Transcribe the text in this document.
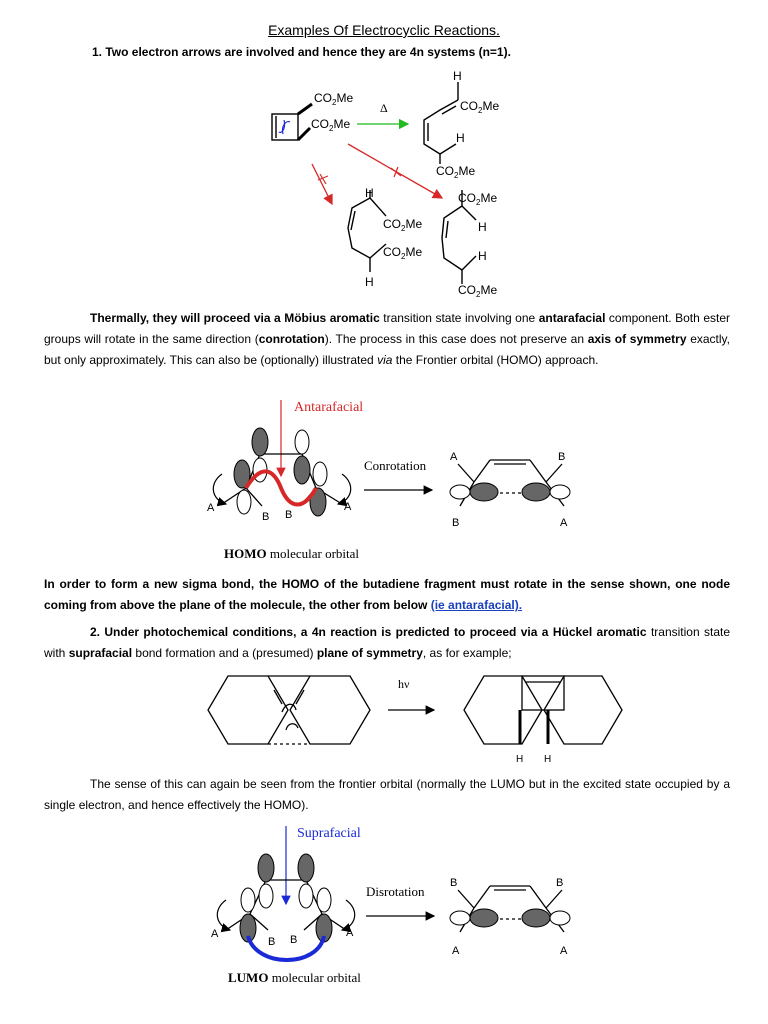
Examples Of Electrocyclic Reactions.
1. Two electron arrows are involved and hence they are 4n systems (n=1).
$CO_2Me$
$CO_2Me$
Δ
H
$CO_2Me$
H
$CO_2Me$
H
$CO_2Me$
$CO_2Me$
H
$CO_2Me$
H
H
$CO_2Me$
Thermally, they will proceed via a Möbius aromatic transition state involving one antarafacial component. Both ester groups will rotate in the same direction (conrotation). The process in this case does not preserve an axis of symmetry exactly, but only approximately. This can also be (optionally) illustrated via the Frontier orbital (HOMO) approach.
Antarafacial
A
B B
A
Conrotation
A	B
B	A
HOMO molecular orbital
In order to form a new sigma bond, the HOMO of the butadiene fragment must rotate in the sense shown, one node coming from above the plane of the molecule, the other from below (ie antarafacial).
2. Under photochemical conditions, a 4n reaction is predicted to proceed via a Hückel aromatic transition state with suprafacial bond formation and a (presumed) plane of symmetry, as for example;
hν
H H
The sense of this can again be seen from the frontier orbital (normally the LUMO but in the excited state occupied by a single electron, and hence effectively the HOMO).
Suprafacial
A
B B
A
Disrotation
B	B
A	A
LUMO molecular orbital
